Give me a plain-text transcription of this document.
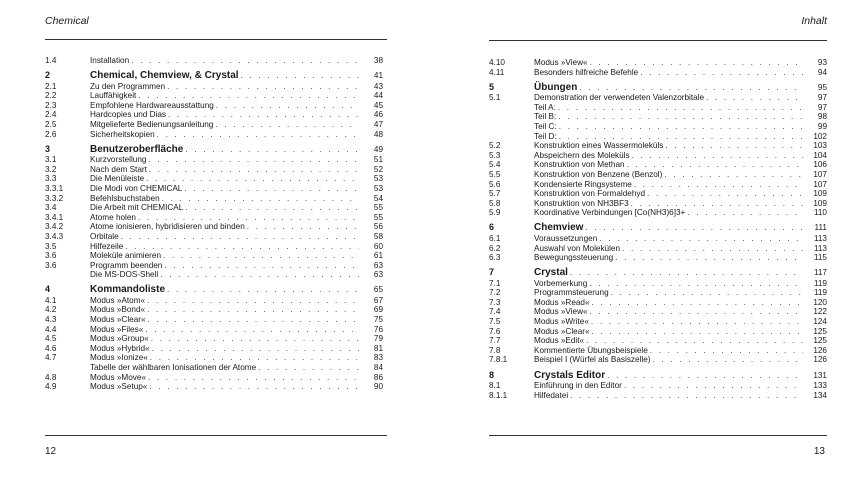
Chemical
1.4	Installation . . .	38
2	Chemical, Chemview, & Crystal . . .	41
2.1	Zu den Programmen . . .	43
2.2	Lauffähigkeit . . .	44
2.3	Empfohlene Hardwareausstattung . . .	45
2.4	Hardcopies und Dias . . .	46
2.5	Mitgelieferte Bedienungsanleitung . . .	47
2.6	Sicherheitskopien . . .	48
3	Benutzeroberfläche . . .	49
3.1	Kurzvorstellung . . .	51
3.2	Nach dem Start . . .	52
3.3	Die Menüleiste . . .	53
3.3.1	Die Modi von CHEMICAL . . .	53
3.3.2	Befehlsbuchstaben . . .	54
3.4	Die Arbeit mit CHEMICAL . . .	55
3.4.1	Atome holen . . .	55
3.4.2	Atome ionisieren, hybridisieren und binden . . .	56
3.4.3	Orbitale . . .	58
3.5	Hilfezeile . . .	60
3.6	Moleküle animieren . . .	61
3.6	Programm beenden . . .	63
Die MS-DOS-Shell . . .	63
4	Kommandoliste . . .	65
4.1	Modus »Atom« . . .	67
4.2	Modus »Bond« . . .	69
4.3	Modus »Clear« . . .	75
4.4	Modus »Files« . . .	76
4.5	Modus »Group« . . .	79
4.6	Modus »Hybrid« . . .	81
4.7	Modus »Ionize« . . .	83
Tabelle der wählbaren Ionisationen der Atome . . .	84
4.8	Modus »Move« . . .	86
4.9	Modus »Setup« . . .	90
12
Inhalt
4.10	Modus »View« . . .	93
4.11	Besonders hilfreiche Befehle . . .	94
5	Übungen . . .	95
5.1	Demonstration der verwendeten Valenzorbitale . . .	97
Teil A: . . .	97
Teil B: . . .	98
Teil C: . . .	99
Teil D: . . .	102
5.2	Konstruktion eines Wassermoleküls . . .	103
5.3	Abspeichern des Moleküls . . .	104
5.4	Konstruktion von Methan . . .	106
5.5	Konstruktion von Benzene (Benzol) . . .	107
5.6	Kondensierte Ringsysteme . . .	107
5.7	Konstruktion von Formaldehyd . . .	109
5.8	Konstruktion von NH3BF3 . . .	109
5.9	Koordinative Verbindungen [Co(NH3)6]3+ . . .	110
6	Chemview . . .	111
6.1	Voraussetzungen . . .	113
6.2	Auswahl von Molekülen . . .	113
6.3	Bewegungssteuerung . . .	115
7	Crystal . . .	117
7.1	Vorbemerkung . . .	119
7.2	Programmsteuerung . . .	119
7.3	Modus »Read« . . .	120
7.4	Modus »View« . . .	122
7.5	Modus »Write« . . .	124
7.6	Modus »Clear« . . .	125
7.7	Modus »Edit« . . .	125
7.8	Kommentierte Übungsbeispiele . . .	126
7.8.1	Beispiel I (Würfel als Basiszelle) . . .	126
8	Crystals Editor . . .	131
8.1	Einführung in den Editor . . .	133
8.1.1	Hilfedatei . . .	134
13
